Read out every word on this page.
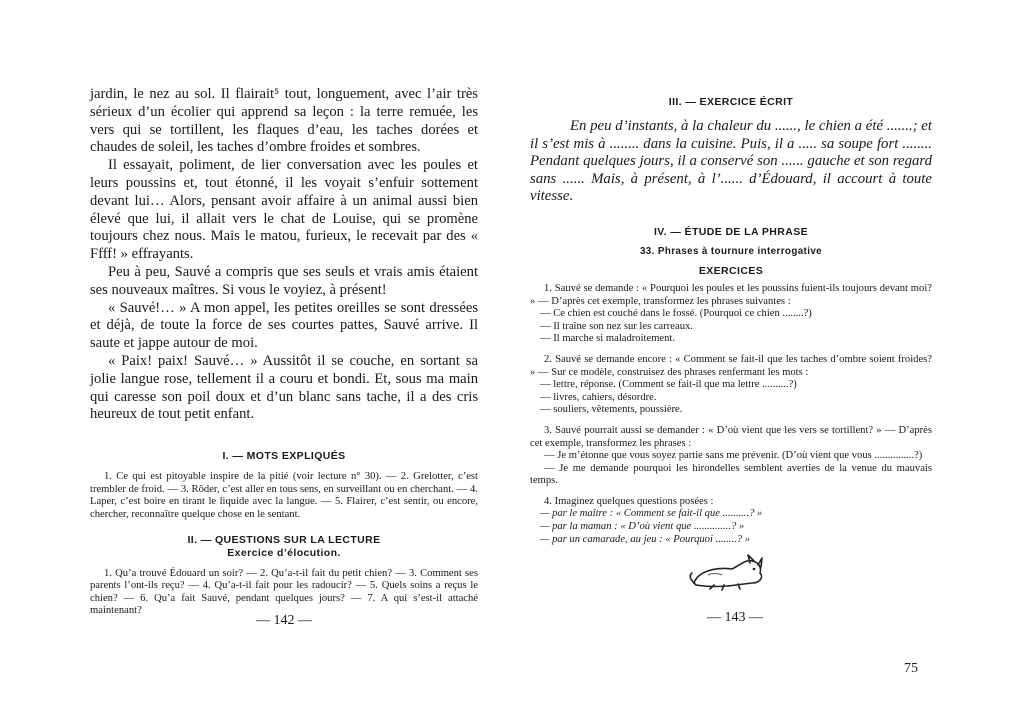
jardin, le nez au sol. Il flairait⁵ tout, longuement, avec l’air très sérieux d’un écolier qui apprend sa leçon : la terre remuée, les vers qui se tortillent, les flaques d’eau, les taches dorées et chaudes de soleil, les taches d’ombre froides et sombres.

Il essayait, poliment, de lier conversation avec les poules et leurs poussins et, tout étonné, il les voyait s’enfuir sottement devant lui… Alors, pensant avoir affaire à un animal aussi bien élevé que lui, il allait vers le chat de Louise, qui se promène toujours chez nous. Mais le matou, furieux, le recevait par des « Ffff! » effrayants.

Peu à peu, Sauvé a compris que ses seuls et vrais amis étaient ses nouveaux maîtres. Si vous le voyiez, à présent!

« Sauvé!… » A mon appel, les petites oreilles se sont dressées et déjà, de toute la force de ses courtes pattes, Sauvé arrive. Il saute et jappe autour de moi.

« Paix! paix! Sauvé… » Aussitôt il se couche, en sortant sa jolie langue rose, tellement il a couru et bondi. Et, sous ma main qui caresse son poil doux et d’un blanc sans tache, il a des cris heureux de tout petit enfant.

I. — MOTS EXPLIQUÉS

1. Ce qui est pitoyable inspire de la pitié (voir lecture n° 30). — 2. Grelotter, c’est trembler de froid. — 3. Rôder, c’est aller en tous sens, en surveillant ou en cherchant. — 4. Laper, c’est boire en tirant le liquide avec la langue. — 5. Flairer, c’est sentir, ou encore, chercher, reconnaître quelque chose en le sentant.

II. — QUESTIONS SUR LA LECTURE
Exercice d’élocution.

1. Qu’a trouvé Édouard un soir? — 2. Qu’a-t-il fait du petit chien? — 3. Comment ses parents l’ont-ils reçu? — 4. Qu’a-t-il fait pour les radoucir? — 5. Quels soins a reçus le chien? — 6. Qu’a fait Sauvé, pendant quelques jours? — 7. A qui s’est-il attaché maintenant?

— 142 —
III. — EXERCICE ÉCRIT

En peu d’instants, à la chaleur du ......, le chien a été .......; et il s’est mis à ........ dans la cuisine. Puis, il a ..... sa soupe fort ........ Pendant quelques jours, il a conservé son ...... gauche et son regard sans ...... Mais, à présent, à l’...... d’Édouard, il accourt à toute vitesse.

IV. — ÉTUDE DE LA PHRASE
33. Phrases à tournure interrogative
EXERCICES

1. Sauvé se demande : « Pourquoi les poules et les poussins fuient-ils toujours devant moi? » — D’après cet exemple, transformez les phrases suivantes :

— Ce chien est couché dans le fossé. (Pourquoi ce chien ........?)
— Il traîne son nez sur les carreaux.
— Il marche si maladroitement.

2. Sauvé se demande encore : « Comment se fait-il que les taches d’ombre soient froides? » — Sur ce modèle, construisez des phrases renfermant les mots :

— lettre, réponse. (Comment se fait-il que ma lettre ..........?)
— livres, cahiers, désordre.
— souliers, vêtements, poussière.

3. Sauvé pourrait aussi se demander : « D’où vient que les vers se tortillent? » — D’après cet exemple, transformez les phrases :

— Je m’étonne que vous soyez partie sans me prévenir. (D’où vient que vous ...............?)

— Je me demande pourquoi les hirondelles semblent averties de la venue du mauvais temps.

4. Imaginez quelques questions posées :

— par le maître : « Comment se fait-il que ..........? »
— par la maman : « D’où vient que ..............? »
— par un camarade, au jeu : « Pourquoi ........? »
— 143 —
75
